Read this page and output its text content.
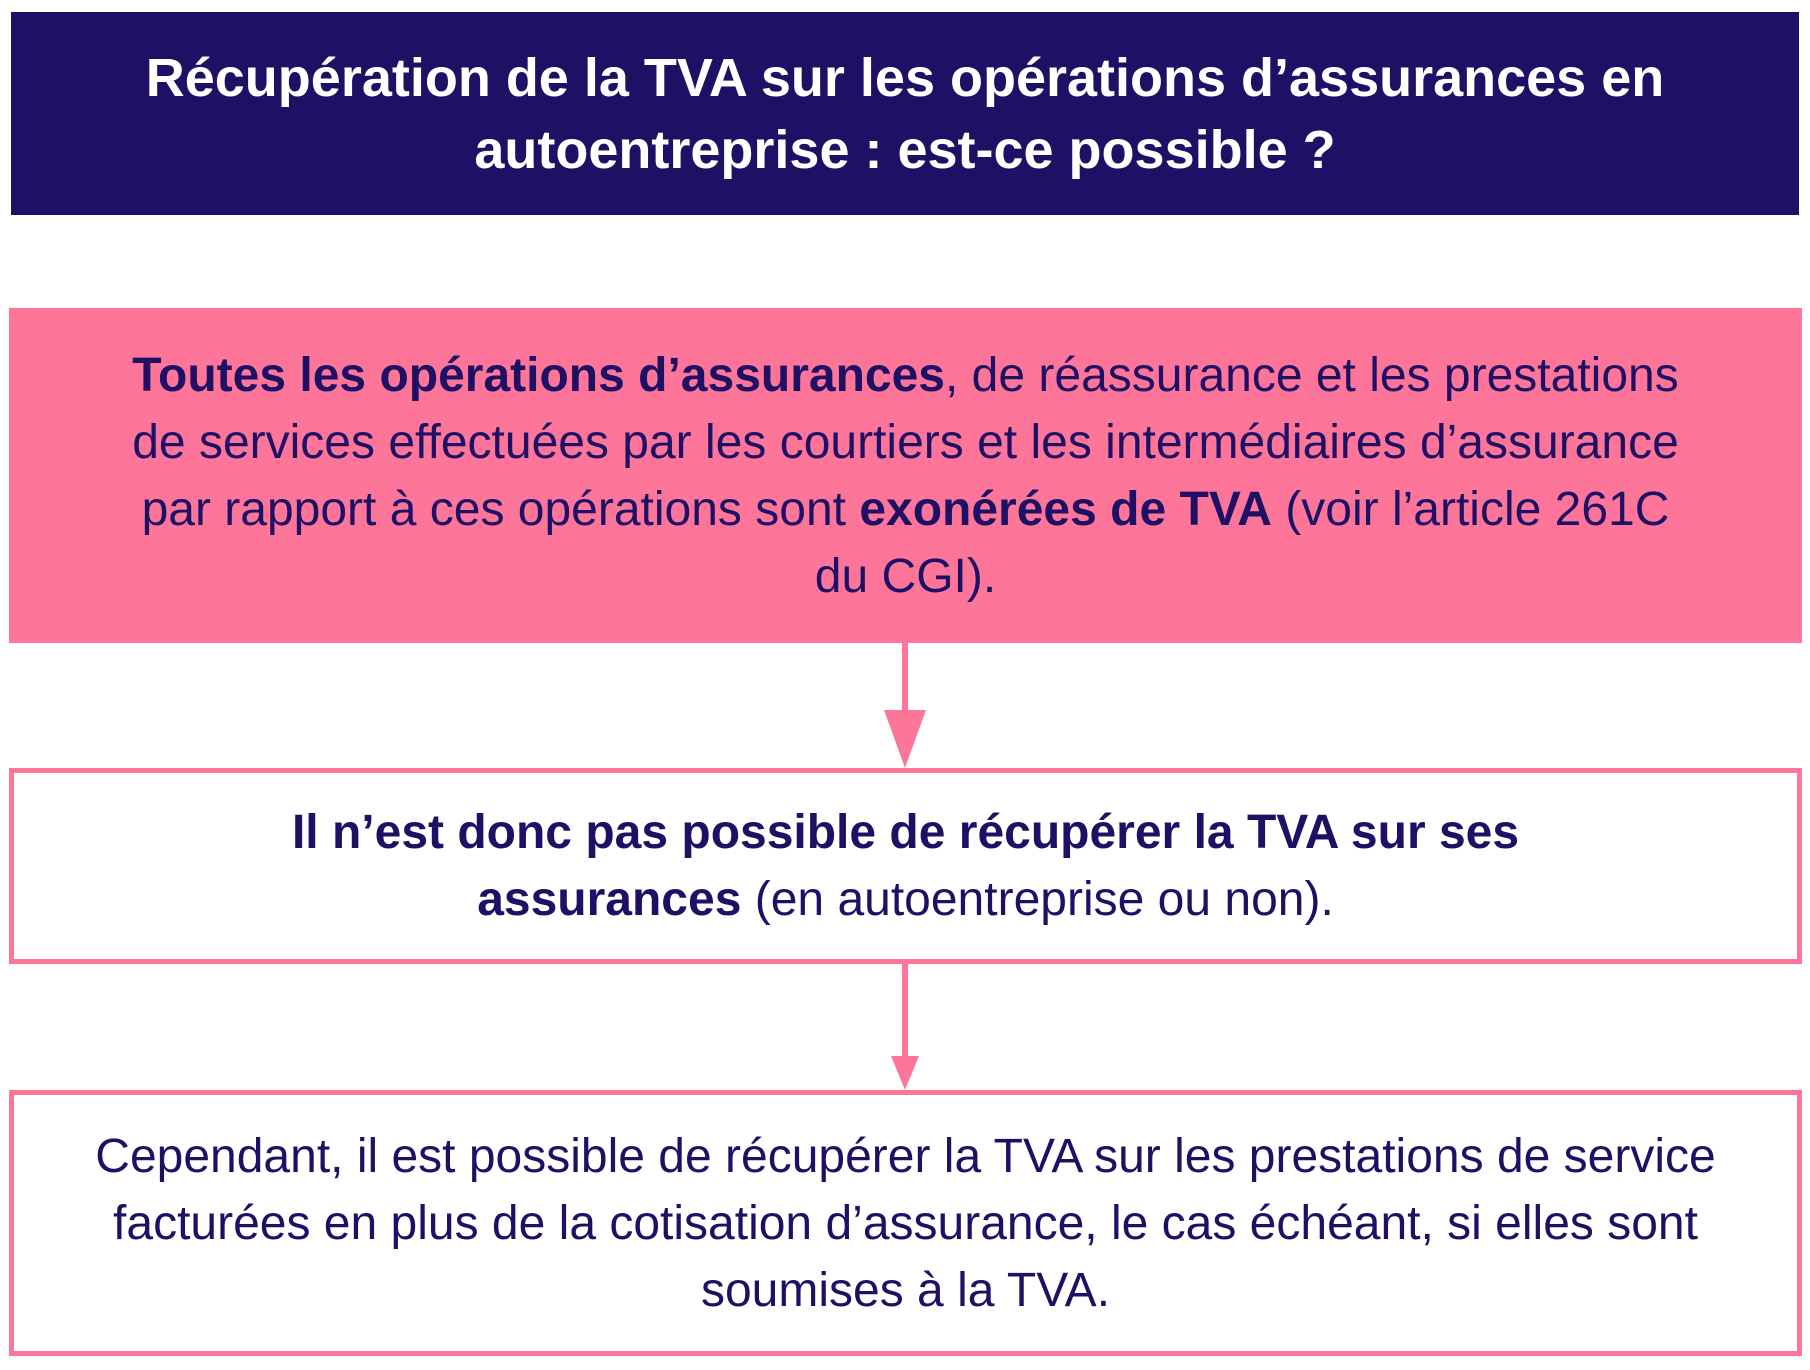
Récupération de la TVA sur les opérations d’assurances en
autoentreprise : est-ce possible ?
Toutes les opérations d’assurances, de réassurance et les prestations de services effectuées par les courtiers et les intermédiaires d’assurance par rapport à ces opérations sont exonérées de TVA (voir l’article 261C du CGI).
Il n’est donc pas possible de récupérer la TVA sur ses assurances (en autoentreprise ou non).
Cependant, il est possible de récupérer la TVA sur les prestations de service facturées en plus de la cotisation d’assurance, le cas échéant, si elles sont soumises à la TVA.
